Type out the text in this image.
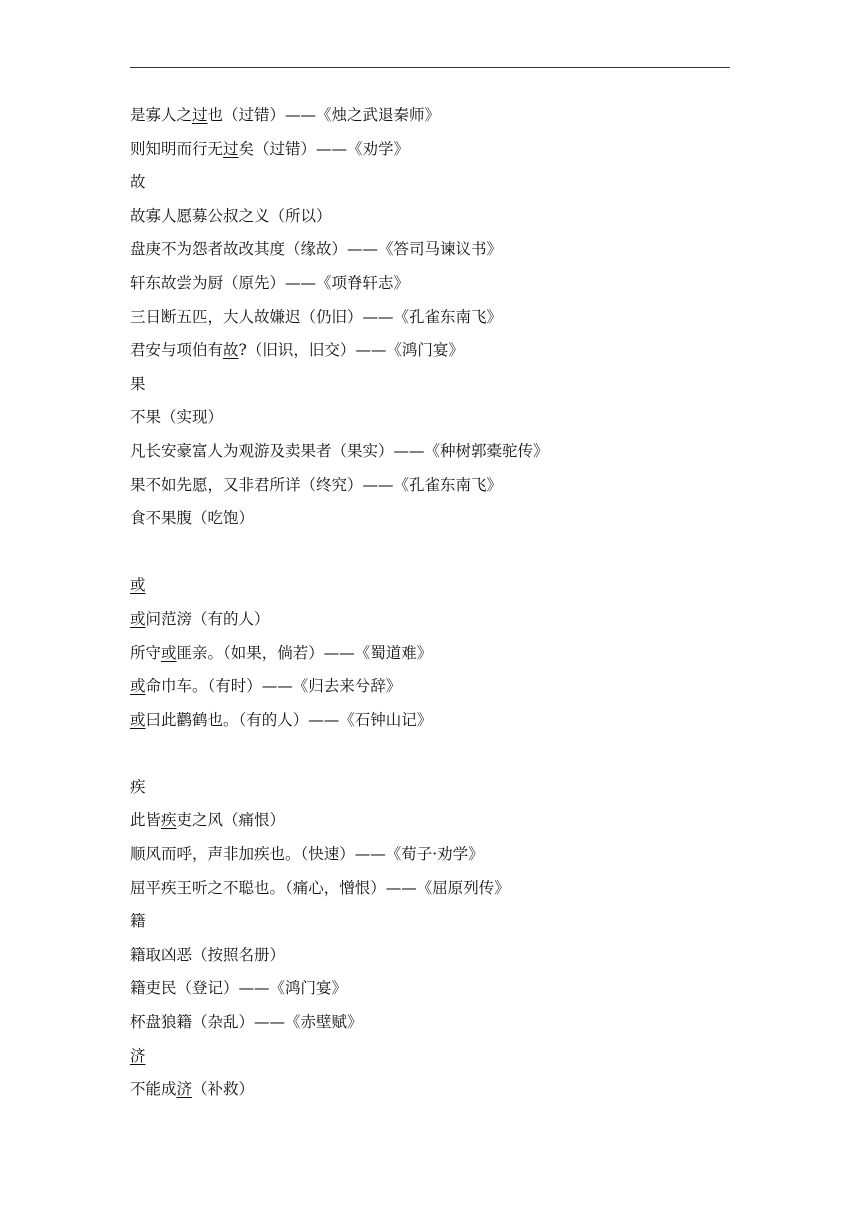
是寡人之过也（过错）——《烛之武退秦师》
则知明而行无过矣（过错）——《劝学》
故
故寡人愿募公叔之义（所以）
盘庚不为怨者故改其度（缘故）——《答司马谏议书》
轩东故尝为厨（原先）——《项脊轩志》
三日断五匹，大人故嫌迟（仍旧）——《孔雀东南飞》
君安与项伯有故?（旧识，旧交）——《鸿门宴》
果
不果（实现）
凡长安豪富人为观游及卖果者（果实）——《种树郭橐驼传》
果不如先愿，又非君所详（终究）——《孔雀东南飞》
食不果腹（吃饱）
或
或问范滂（有的人）
所守或匪亲。（如果，倘若）——《蜀道难》
或命巾车。（有时）——《归去来兮辞》
或曰此鹳鹤也。（有的人）——《石钟山记》
疾
此皆疾吏之风（痛恨）
顺风而呼，声非加疾也。（快速）——《荀子·劝学》
屈平疾王听之不聪也。（痛心，憎恨）——《屈原列传》
籍
籍取凶恶（按照名册）
籍吏民（登记）——《鸿门宴》
杯盘狼籍（杂乱）——《赤壁赋》
济
不能成济（补救）
